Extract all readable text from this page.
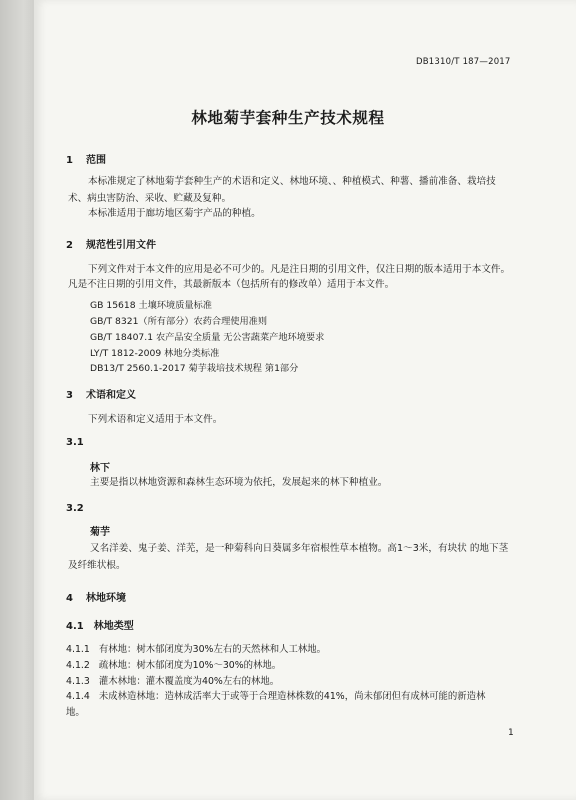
DB1310/T 187—2017
林地菊芋套种生产技术规程
1 范围
本标准规定了林地菊芋套种生产的术语和定义、林地环境、、种植模式、种薯、播前准备、栽培技
术、病虫害防治、采收、贮藏及复种。
本标准适用于廊坊地区菊宇产品的种植。
2 规范性引用文件
下列文件对于本文件的应用是必不可少的。凡是注日期的引用文件，仅注日期的版本适用于本文件。
凡是不注日期的引用文件，其最新版本（包括所有的修改单）适用于本文件。
GB 15618 土壤环境质量标准
GB/T 8321（所有部分）农药合理使用准则
GB/T 18407.1 农产品安全质量 无公害蔬菜产地环境要求
LY/T 1812-2009 林地分类标准
DB13/T 2560.1-2017 菊芋栽培技术规程 第1部分
3 术语和定义
下列术语和定义适用于本文件。
3.1
林下
主要是指以林地资源和森林生态环境为依托，发展起来的林下种植业。
3.2
菊芋
又名洋姜、鬼子姜、洋芜，是一种菊科向日葵属多年宿根性草本植物。高1～3米，有块状 的地下茎
及纤维状根。
4 林地环境
4.1 林地类型
4.1.1 有林地：树木郁闭度为30%左右的天然林和人工林地。
4.1.2 疏林地：树木郁闭度为10%～30%的林地。
4.1.3 灌木林地：灌木覆盖度为40%左右的林地。
4.1.4 未成林造林地：造林成活率大于或等于合理造林株数的41%，尚未郁闭但有成林可能的新造林
地。
1
